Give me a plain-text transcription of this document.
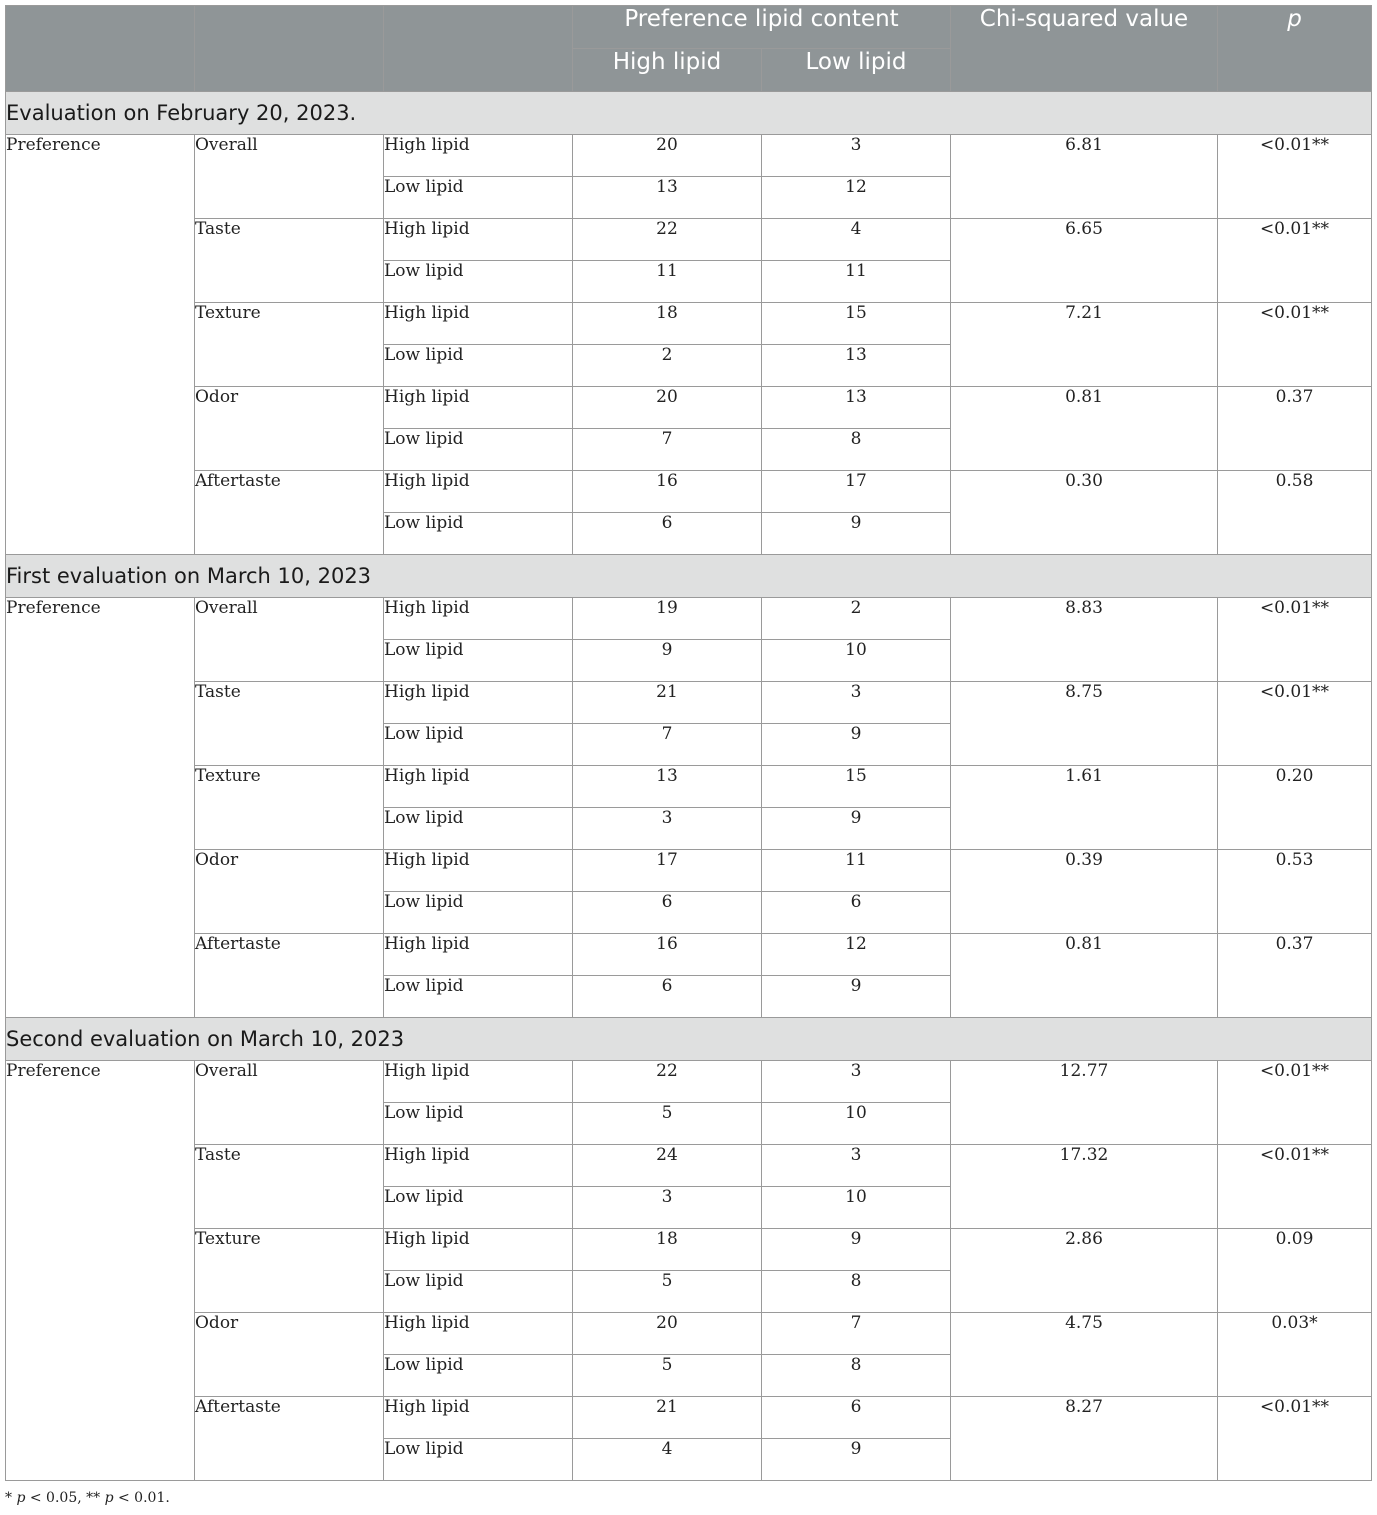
			Preference lipid content		Chi-squared value	p
			High lipid	Low lipid		
Evaluation on February 20, 2023.						
Preference	Overall	High lipid	20	3	6.81	<0.01**
		Low lipid	13	12		
	Taste	High lipid	22	4	6.65	<0.01**
		Low lipid	11	11		
	Texture	High lipid	18	15	7.21	<0.01**
		Low lipid	2	13		
	Odor	High lipid	20	13	0.81	0.37
		Low lipid	7	8		
	Aftertaste	High lipid	16	17	0.30	0.58
		Low lipid	6	9		
First evaluation on March 10, 2023						
Preference	Overall	High lipid	19	2	8.83	<0.01**
		Low lipid	9	10		
	Taste	High lipid	21	3	8.75	<0.01**
		Low lipid	7	9		
	Texture	High lipid	13	15	1.61	0.20
		Low lipid	3	9		
	Odor	High lipid	17	11	0.39	0.53
		Low lipid	6	6		
	Aftertaste	High lipid	16	12	0.81	0.37
		Low lipid	6	9		
Second evaluation on March 10, 2023						
Preference	Overall	High lipid	22	3	12.77	<0.01**
		Low lipid	5	10		
	Taste	High lipid	24	3	17.32	<0.01**
		Low lipid	3	10		
	Texture	High lipid	18	9	2.86	0.09
		Low lipid	5	8		
	Odor	High lipid	20	7	4.75	0.03*
		Low lipid	5	8		
	Aftertaste	High lipid	21	6	8.27	<0.01**
		Low lipid	4	9		
* p < 0.05, ** p < 0.01.
